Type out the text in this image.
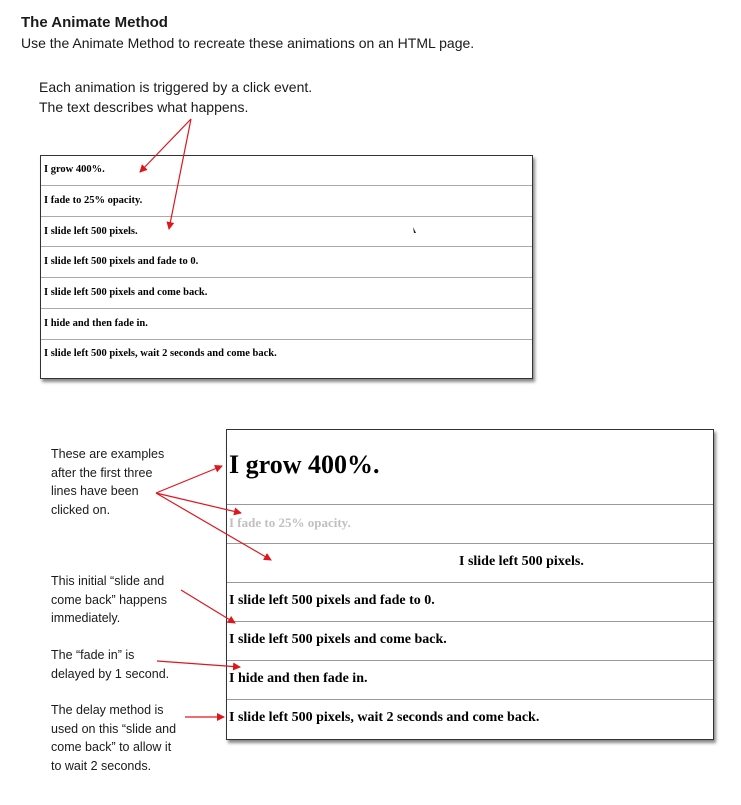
The Animate Method
Use the Animate Method to recreate these animations on an HTML page.
Each animation is triggered by a click event.
The text describes what happens.
I grow 400%.
I fade to 25% opacity.
I slide left 500 pixels.
I slide left 500 pixels and fade to 0.
I slide left 500 pixels and come back.
I hide and then fade in.
I slide left 500 pixels, wait 2 seconds and come back.
I grow 400%.
I fade to 25% opacity.
I slide left 500 pixels.
I slide left 500 pixels and fade to 0.
I slide left 500 pixels and come back.
I hide and then fade in.
I slide left 500 pixels, wait 2 seconds and come back.
These are examples
after the first three
lines have been
clicked on.
This initial “slide and
come back” happens
immediately.
The “fade in” is
delayed by 1 second.
The delay method is
used on this “slide and
come back” to allow it
to wait 2 seconds.
